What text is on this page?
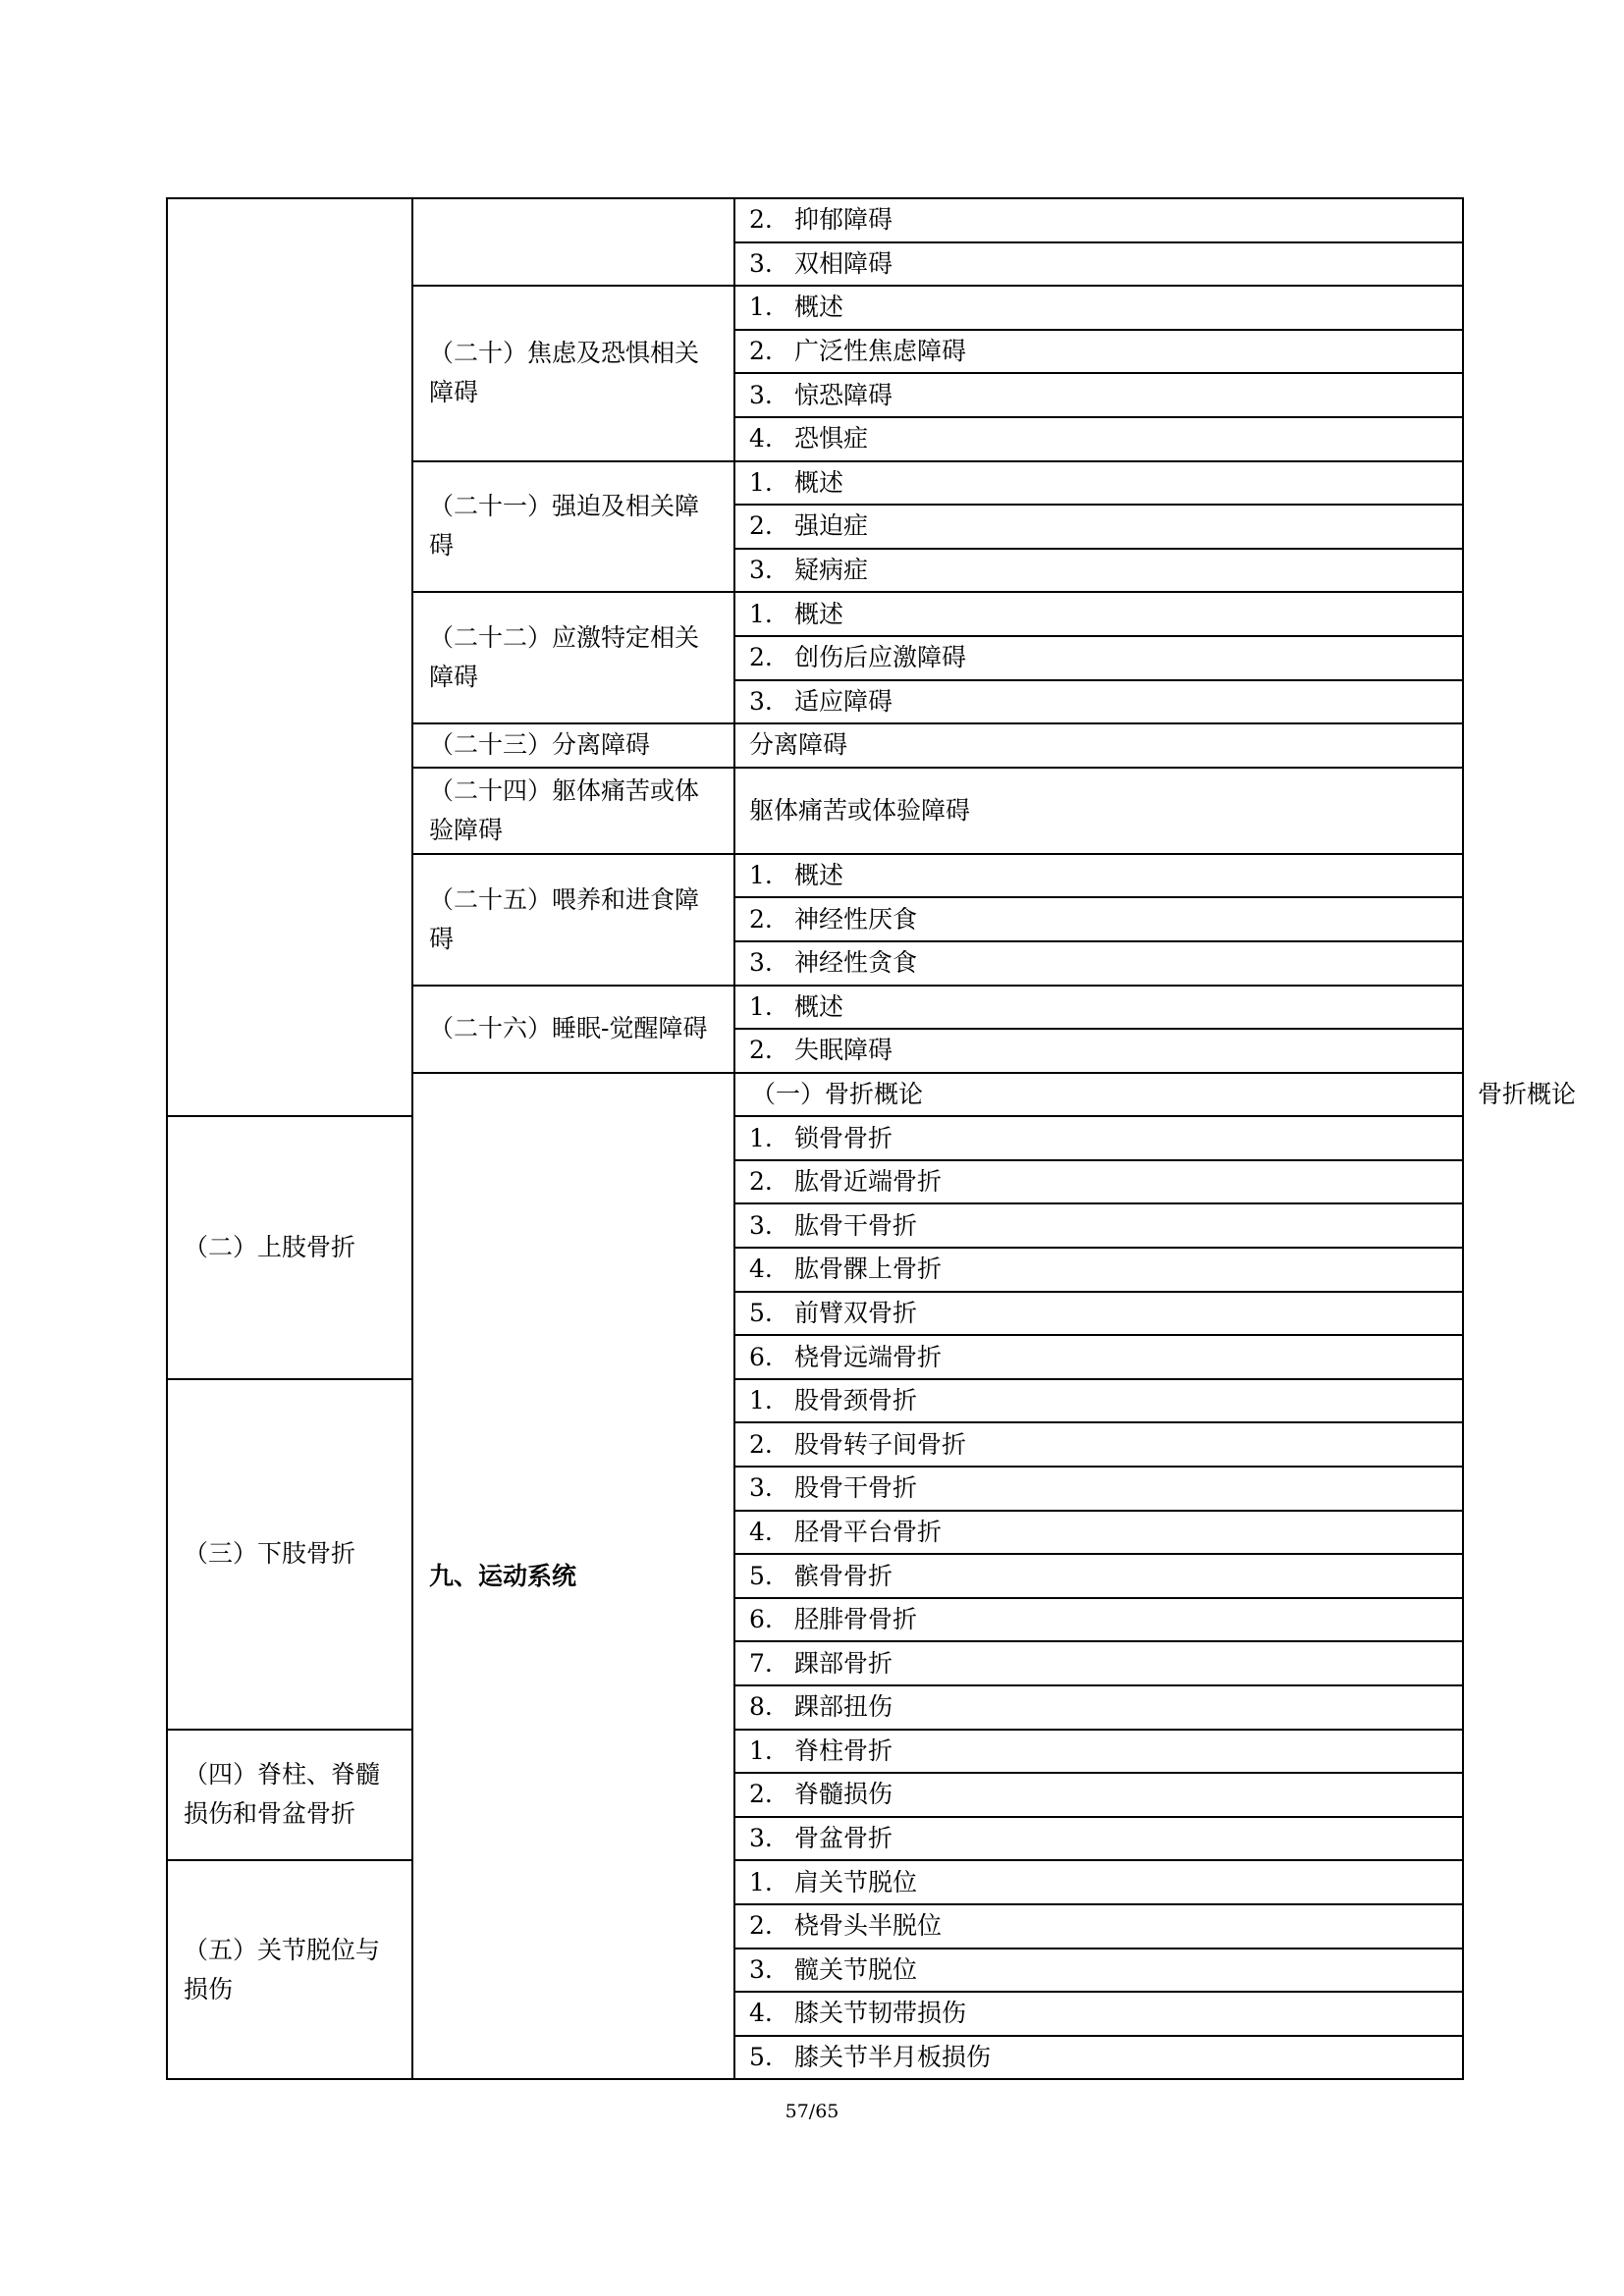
		2. 抑郁障碍	
		3. 双相障碍	
	（二十）焦虑及恐惧相关障碍	1. 概述	
		2. 广泛性焦虑障碍	
		3. 惊恐障碍	
		4. 恐惧症	
	（二十一）强迫及相关障碍	1. 概述	
		2. 强迫症	
		3. 疑病症	
	（二十二）应激特定相关障碍	1. 概述	
		2. 创伤后应激障碍	
		3. 适应障碍	
	（二十三）分离障碍	分离障碍	
	（二十四）躯体痛苦或体验障碍	躯体痛苦或体验障碍	
	（二十五）喂养和进食障碍	1. 概述	
		2. 神经性厌食	
		3. 神经性贪食	
	（二十六）睡眠-觉醒障碍	1. 概述	
		2. 失眠障碍	
	九、运动系统	（一）骨折概论	骨折概论
（二）上肢骨折		1. 锁骨骨折	
		2. 肱骨近端骨折	
		3. 肱骨干骨折	
		4. 肱骨髁上骨折	
		5. 前臂双骨折	
		6. 桡骨远端骨折	
（三）下肢骨折		1. 股骨颈骨折	
		2. 股骨转子间骨折	
		3. 股骨干骨折	
		4. 胫骨平台骨折	
		5. 髌骨骨折	
		6. 胫腓骨骨折	
		7. 踝部骨折	
		8. 踝部扭伤	
（四）脊柱、脊髓损伤和骨盆骨折		1. 脊柱骨折	
		2. 脊髓损伤	
		3. 骨盆骨折	
（五）关节脱位与损伤		1. 肩关节脱位	
		2. 桡骨头半脱位	
		3. 髋关节脱位	
		4. 膝关节韧带损伤	
		5. 膝关节半月板损伤	
57/65
